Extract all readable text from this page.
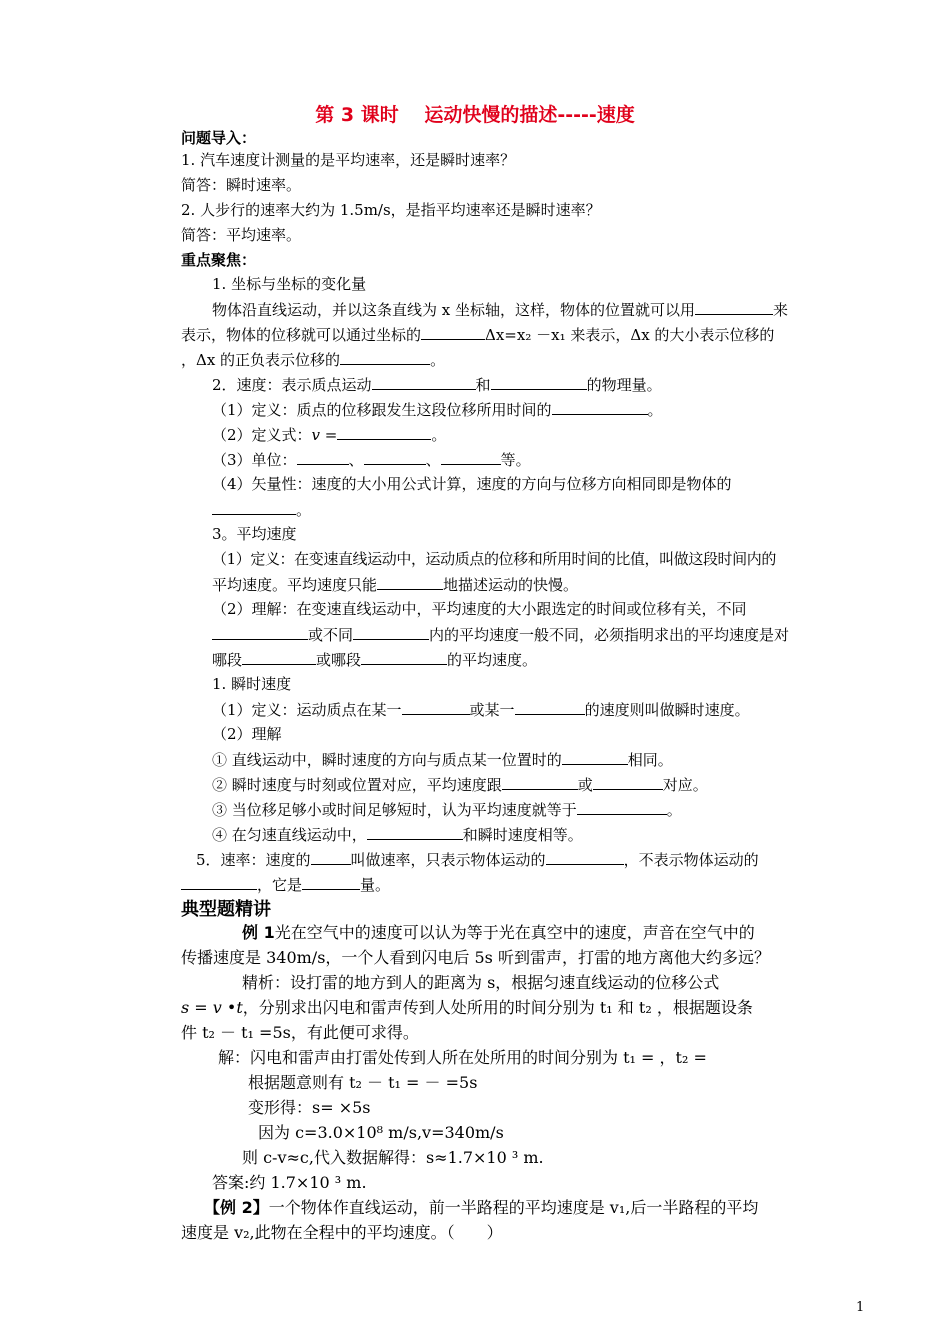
第 3 课时　 运动快慢的描述-----速度
问题导入：
1. 汽车速度计测量的是平均速率，还是瞬时速率？
简答：瞬时速率。
2. 人步行的速率大约为 1.5m/s，是指平均速率还是瞬时速率？
简答：平均速率。
重点聚焦：
1. 坐标与坐标的变化量
物体沿直线运动，并以这条直线为 x 坐标轴，这样，物体的位置就可以用	来
表示，物体的位移就可以通过坐标的	Δx=x₂ －x₁ 来表示，Δx 的大小表示位移的
，Δx 的正负表示位移的	。
2．速度：表示质点运动	和	的物理量。
（1）定义：质点的位移跟发生这段位移所用时间的	。
（2）定义式：v =	。
（3）单位：	、	、	等。
（4）矢量性：速度的大小用公式计算，速度的方向与位移方向相同即是物体的
。
3。平均速度
（1）定义：在变速直线运动中，运动质点的位移和所用时间的比值，叫做这段时间内的
平均速度。平均速度只能	地描述运动的快慢。
（2）理解：在变速直线运动中，平均速度的大小跟选定的时间或位移有关，不同
或不同	内的平均速度一般不同，必须指明求出的平均速度是对
哪段	或哪段	的平均速度。
1. 瞬时速度
（1）定义：运动质点在某一	或某一	的速度则叫做瞬时速度。
（2）理解
① 直线运动中，瞬时速度的方向与质点某一位置时的	相同。
② 瞬时速度与时刻或位置对应，平均速度跟	或	对应。
③ 当位移足够小或时间足够短时，认为平均速度就等于	。
④ 在匀速直线运动中，	和瞬时速度相等。
5．速率：速度的	叫做速率，只表示物体运动的	，不表示物体运动的
，它是	量。
典型题精讲
例 1光在空气中的速度可以认为等于光在真空中的速度，声音在空气中的
传播速度是 340m/s，一个人看到闪电后 5s 听到雷声，打雷的地方离他大约多远？
精析：设打雷的地方到人的距离为 s，根据匀速直线运动的位移公式
s = v •t，分别求出闪电和雷声传到人处所用的时间分别为 t₁ 和 t₂ ，根据题设条
件 t₂ － t₁ =5s，有此便可求得。
解：闪电和雷声由打雷处传到人所在处所用的时间分别为 t₁ = ，t₂ =
根据题意则有 t₂ － t₁ = － =5s
变形得：s= ×5s
因为 c=3.0×10⁸ m/s,v=340m/s
则 c-v≈c,代入数据解得：s≈1.7×10 ³ m.
答案:约 1.7×10 ³ m.
【例 2】一个物体作直线运动，前一半路程的平均速度是 v₁,后一半路程的平均
速度是 v₂,此物在全程中的平均速度。（　　）
1
